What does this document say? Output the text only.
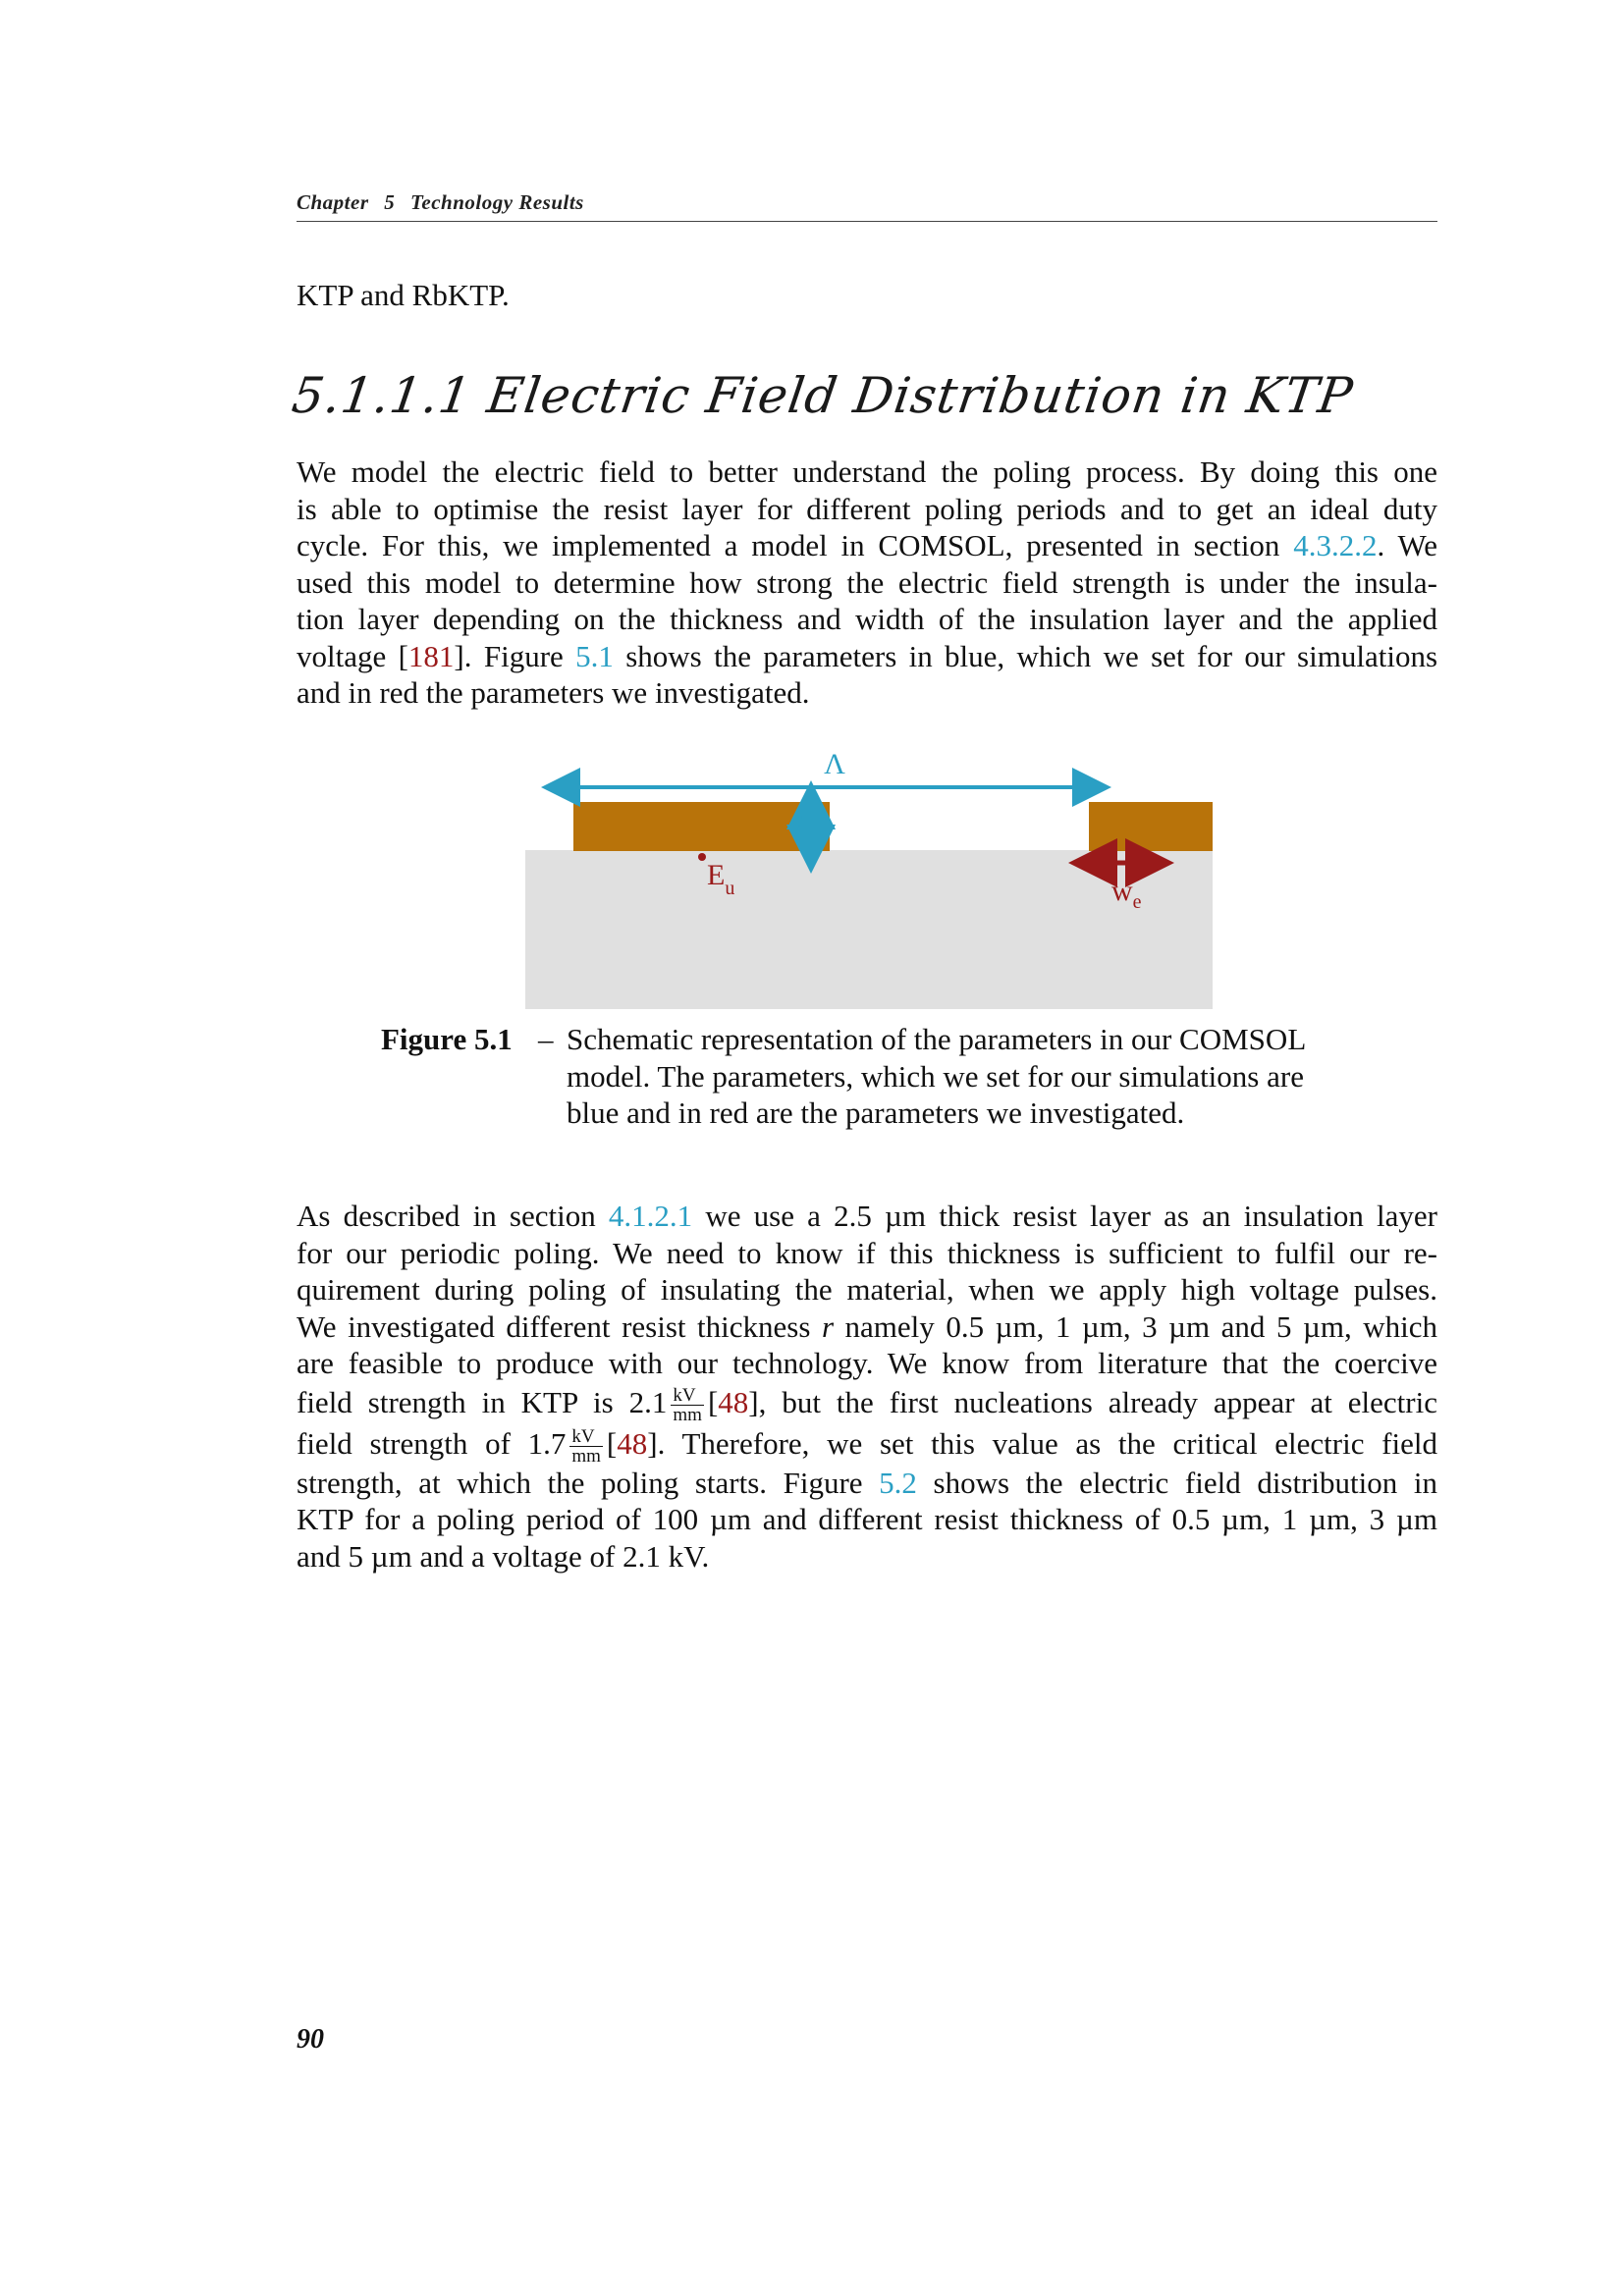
Chapter 5 Technology Results
KTP and RbKTP.
5.1.1.1 Electric Field Distribution in KTP
We model the electric field to better understand the poling process. By doing this one
is able to optimise the resist layer for different poling periods and to get an ideal duty
cycle. For this, we implemented a model in COMSOL, presented in section 4.3.2.2. We
used this model to determine how strong the electric field strength is under the insula-
tion layer depending on the thickness and width of the insulation layer and the applied
voltage [181]. Figure 5.1 shows the parameters in blue, which we set for our simulations
and in red the parameters we investigated.
Λ
r
$E_u$	$w_e$
Figure 5.1 – Schematic representation of the parameters in our COMSOL
model. The parameters, which we set for our simulations are
blue and in red are the parameters we investigated.
As described in section 4.1.2.1 we use a 2.5 µm thick resist layer as an insulation layer
for our periodic poling. We need to know if this thickness is sufficient to fulfil our re-
quirement during poling of insulating the material, when we apply high voltage pulses.
We investigated different resist thickness r namely 0.5 µm, 1 µm, 3 µm and 5 µm, which
are feasible to produce with our technology. We know from literature that the coercive
field strength in KTP is $2.1 \frac{kV}{mm} [48]$, but the first nucleations already appear at electric
field strength of $1.7 \frac{kV}{mm} [48]$. Therefore, we set this value as the critical electric field
strength, at which the poling starts. Figure 5.2 shows the electric field distribution in
KTP for a poling period of 100 µm and different resist thickness of 0.5 µm, 1 µm, 3 µm
and 5 µm and a voltage of 2.1 kV.
90
